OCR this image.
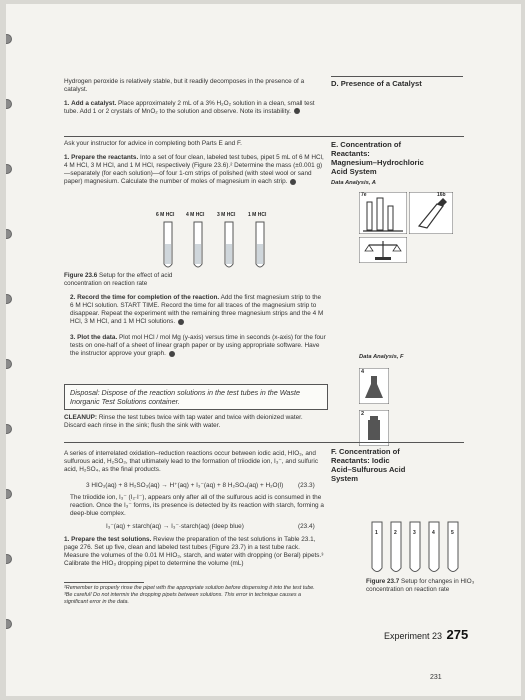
D. Presence of a Catalyst
Hydrogen peroxide is relatively stable, but it readily decomposes in the presence of a catalyst.
1. Add a catalyst. Place approximately 2 mL of a 3% H₂O₂ solution in a clean, small test tube. Add 1 or 2 crystals of MnO₂ to the solution and observe. Note its instability.
E. Concentration of
Reactants:
Magnesium–Hydrochloric
Acid System
Data Analysis, A
Ask your instructor for advice in completing both Parts E and F.
1. Prepare the reactants. Into a set of four clean, labeled test tubes, pipet 5 mL of 6 M HCl, 4 M HCl, 3 M HCl, and 1 M HCl, respectively (Figure 23.6).² Determine the mass (±0.001 g)—separately (for each solution)—of four 1-cm strips of polished (with steel wool or sand paper) magnesium. Calculate the number of moles of magnesium in each strip.
7e	16b
6 M HCl 4 M HCl	3 M HCl	1 M HCl
Figure 23.6 Setup for the effect of acid concentration on reaction rate
2. Record the time for completion of the reaction. Add the first magnesium strip to the 6 M HCl solution. START TIME. Record the time for all traces of the magnesium strip to disappear. Repeat the experiment with the remaining three magnesium strips and the 4 M HCl, 3 M HCl, and 1 M HCl solutions.
3. Plot the data. Plot mol HCl / mol Mg (y-axis) versus time in seconds (x-axis) for the four tests on one-half of a sheet of linear graph paper or by using appropriate software. Have the instructor approve your graph.	Data Analysis, F
4
2
Disposal: Dispose of the reaction solutions in the test tubes in the Waste Inorganic Test Solutions container.
CLEANUP: Rinse the test tubes twice with tap water and twice with deionized water. Discard each rinse in the sink; flush the sink with water.
F. Concentration of
Reactants: Iodic
Acid–Sulfurous Acid
System
A series of interrelated oxidation–reduction reactions occur between iodic acid, HIO₃, and sulfurous acid, H₂SO₃, that ultimately lead to the formation of triiodide ion, I₃⁻, and sulfuric acid, H₂SO₄, as the final products.
3 HIO₃(aq) + 8 H₂SO₃(aq) → H⁺(aq) + I₃⁻(aq) + 8 H₂SO₄(aq) + H₂O(l)	(23.3)
The triiodide ion, I₃⁻ (I₂·I⁻), appears only after all of the sulfurous acid is consumed in the reaction. Once the I₃⁻ forms, its presence is detected by its reaction with starch, forming a deep-blue complex.
I₃⁻(aq) + starch(aq) → I₃⁻·starch(aq) (deep blue)	(23.4)
1. Prepare the test solutions. Review the preparation of the test solutions in Table 23.1, page 276. Set up five, clean and labeled test tubes (Figure 23.7) in a test tube rack. Measure the volumes of the 0.01 M HIO₃, starch, and water with dropping (or Beral) pipets.³ Calibrate the HIO₃ dropping pipet to determine the volume (mL)
1	2	3	4	5
Figure 23.7 Setup for changes in HIO₃ concentration on reaction rate
²Remember to properly rinse the pipet with the appropriate solution before dispensing it into the test tube.
³Be careful! Do not intermix the dropping pipets between solutions. This error in technique causes a significant error in the data.
Experiment 23 275
231
